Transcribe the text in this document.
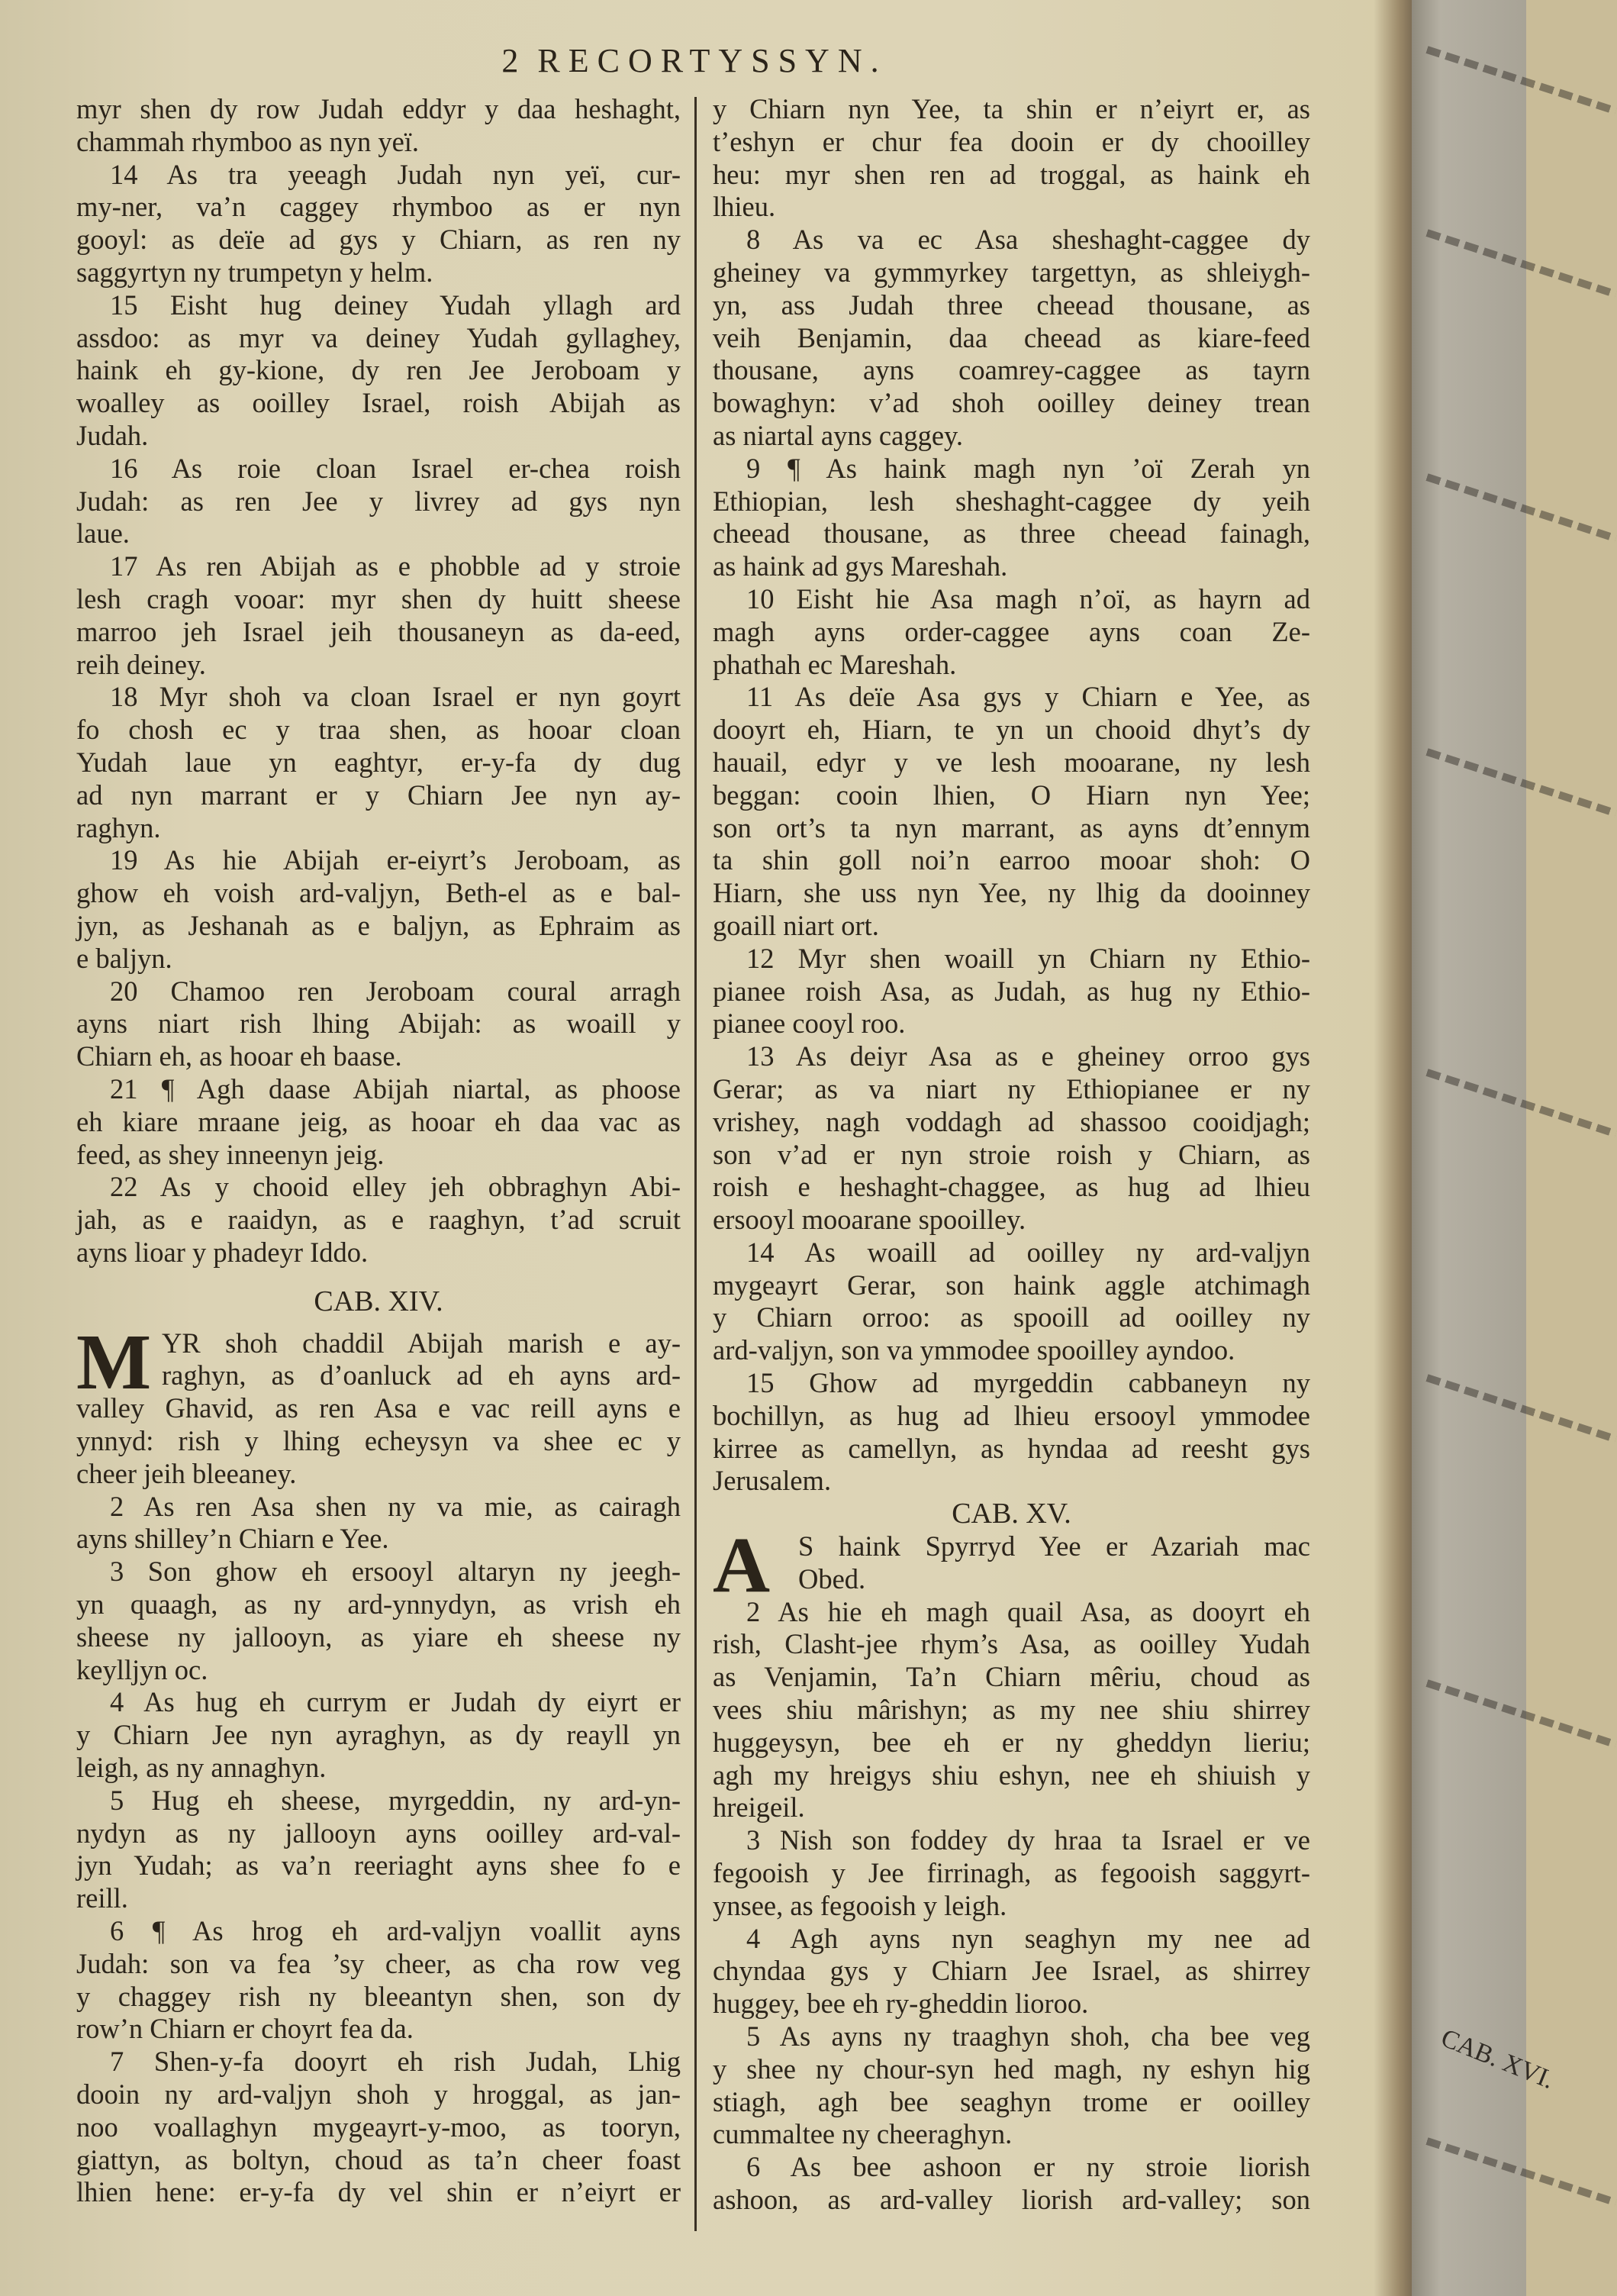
2 RECORTYSSYN.
myr shen dy row Judah eddyr y daa heshaght,
chammah rhymboo as nyn yeï.
14 As tra yeeagh Judah nyn yeï, cur-
my-ner, va’n caggey rhymboo as er nyn
gooyl: as deïe ad gys y Chiarn, as ren ny
saggyrtyn ny trumpetyn y helm.
15 Eisht hug deiney Yudah yllagh ard
assdoo: as myr va deiney Yudah gyllaghey,
haink eh gy-kione, dy ren Jee Jeroboam y
woalley as ooilley Israel, roish Abijah as
Judah.
16 As roie cloan Israel er-chea roish
Judah: as ren Jee y livrey ad gys nyn
laue.
17 As ren Abijah as e phobble ad y stroie
lesh cragh vooar: myr shen dy huitt sheese
marroo jeh Israel jeih thousaneyn as da-eed,
reih deiney.
18 Myr shoh va cloan Israel er nyn goyrt
fo chosh ec y traa shen, as hooar cloan
Yudah laue yn eaghtyr, er-y-fa dy dug
ad nyn marrant er y Chiarn Jee nyn ay-
raghyn.
19 As hie Abijah er-eiyrt’s Jeroboam, as
ghow eh voish ard-valjyn, Beth-el as e bal-
jyn, as Jeshanah as e baljyn, as Ephraim as
e baljyn.
20 Chamoo ren Jeroboam coural arragh
ayns niart rish lhing Abijah: as woaill y
Chiarn eh, as hooar eh baase.
21 ¶ Agh daase Abijah niartal, as phoose
eh kiare mraane jeig, as hooar eh daa vac as
feed, as shey inneenyn jeig.
22 As y chooid elley jeh obbraghyn Abi-
jah, as e raaidyn, as e raaghyn, t’ad scruit
ayns lioar y phadeyr Iddo.
CAB. XIV.
M YR shoh chaddil Abijah marish e ay-
raghyn, as d’oanluck ad eh ayns ard-
valley Ghavid, as ren Asa e vac reill ayns e
ynnyd: rish y lhing echeysyn va shee ec y
cheer jeih bleeaney.
2 As ren Asa shen ny va mie, as cairagh
ayns shilley’n Chiarn e Yee.
3 Son ghow eh ersooyl altaryn ny jeegh-
yn quaagh, as ny ard-ynnydyn, as vrish eh
sheese ny jallooyn, as yiare eh sheese ny
keylljyn oc.
4 As hug eh currym er Judah dy eiyrt er
y Chiarn Jee nyn ayraghyn, as dy reayll yn
leigh, as ny annaghyn.
5 Hug eh sheese, myrgeddin, ny ard-yn-
nydyn as ny jallooyn ayns ooilley ard-val-
jyn Yudah; as va’n reeriaght ayns shee fo e
reill.
6 ¶ As hrog eh ard-valjyn voallit ayns
Judah: son va fea ’sy cheer, as cha row veg
y chaggey rish ny bleeantyn shen, son dy
row’n Chiarn er choyrt fea da.
7 Shen-y-fa dooyrt eh rish Judah, Lhig
dooin ny ard-valjyn shoh y hroggal, as jan-
noo voallaghyn mygeayrt-y-moo, as tooryn,
giattyn, as boltyn, choud as ta’n cheer foast
lhien hene: er-y-fa dy vel shin er n’eiyrt er
y Chiarn nyn Yee, ta shin er n’eiyrt er, as
t’eshyn er chur fea dooin er dy chooilley
heu: myr shen ren ad troggal, as haink eh
lhieu.
8 As va ec Asa sheshaght-caggee dy
gheiney va gymmyrkey targettyn, as shleiygh-
yn, ass Judah three cheead thousane, as
veih Benjamin, daa cheead as kiare-feed
thousane, ayns coamrey-caggee as tayrn
bowaghyn: v’ad shoh ooilley deiney trean
as niartal ayns caggey.
9 ¶ As haink magh nyn ’oï Zerah yn
Ethiopian, lesh sheshaght-caggee dy yeih
cheead thousane, as three cheead fainagh,
as haink ad gys Mareshah.
10 Eisht hie Asa magh n’oï, as hayrn ad
magh ayns order-caggee ayns coan Ze-
phathah ec Mareshah.
11 As deïe Asa gys y Chiarn e Yee, as
dooyrt eh, Hiarn, te yn un chooid dhyt’s dy
hauail, edyr y ve lesh mooarane, ny lesh
beggan: cooin lhien, O Hiarn nyn Yee;
son ort’s ta nyn marrant, as ayns dt’ennym
ta shin goll noi’n earroo mooar shoh: O
Hiarn, she uss nyn Yee, ny lhig da dooinney
goaill niart ort.
12 Myr shen woaill yn Chiarn ny Ethio-
pianee roish Asa, as Judah, as hug ny Ethio-
pianee cooyl roo.
13 As deiyr Asa as e gheiney orroo gys
Gerar; as va niart ny Ethiopianee er ny
vrishey, nagh voddagh ad shassoo cooidjagh;
son v’ad er nyn stroie roish y Chiarn, as
roish e heshaght-chaggee, as hug ad lhieu
ersooyl mooarane spooilley.
14 As woaill ad ooilley ny ard-valjyn
mygeayrt Gerar, son haink aggle atchimagh
y Chiarn orroo: as spooill ad ooilley ny
ard-valjyn, son va ymmodee spooilley ayndoo.
15 Ghow ad myrgeddin cabbaneyn ny
bochillyn, as hug ad lhieu ersooyl ymmodee
kirree as camellyn, as hyndaa ad reesht gys
Jerusalem.
CAB. XV.
A	S haink Spyrryd Yee er Azariah mac
Obed.
2 As hie eh magh quail Asa, as dooyrt eh
rish, Clasht-jee rhym’s Asa, as ooilley Yudah
as Venjamin, Ta’n Chiarn mêriu, choud as
vees shiu mârishyn; as my nee shiu shirrey
huggeysyn, bee eh er ny gheddyn lieriu;
agh my hreigys shiu eshyn, nee eh shiuish y
hreigeil.
3 Nish son foddey dy hraa ta Israel er ve
fegooish y Jee firrinagh, as fegooish saggyrt-
ynsee, as fegooish y leigh.
4 Agh ayns nyn seaghyn my nee ad
chyndaa gys y Chiarn Jee Israel, as shirrey
huggey, bee eh ry-gheddin lioroo.
5 As ayns ny traaghyn shoh, cha bee veg
y shee ny chour-syn hed magh, ny eshyn hig
stiagh, agh bee seaghyn trome er ooilley
cummaltee ny cheeraghyn.
6 As bee ashoon er ny stroie liorish
ashoon, as ard-valley liorish ard-valley; son
CAB. XVI.
